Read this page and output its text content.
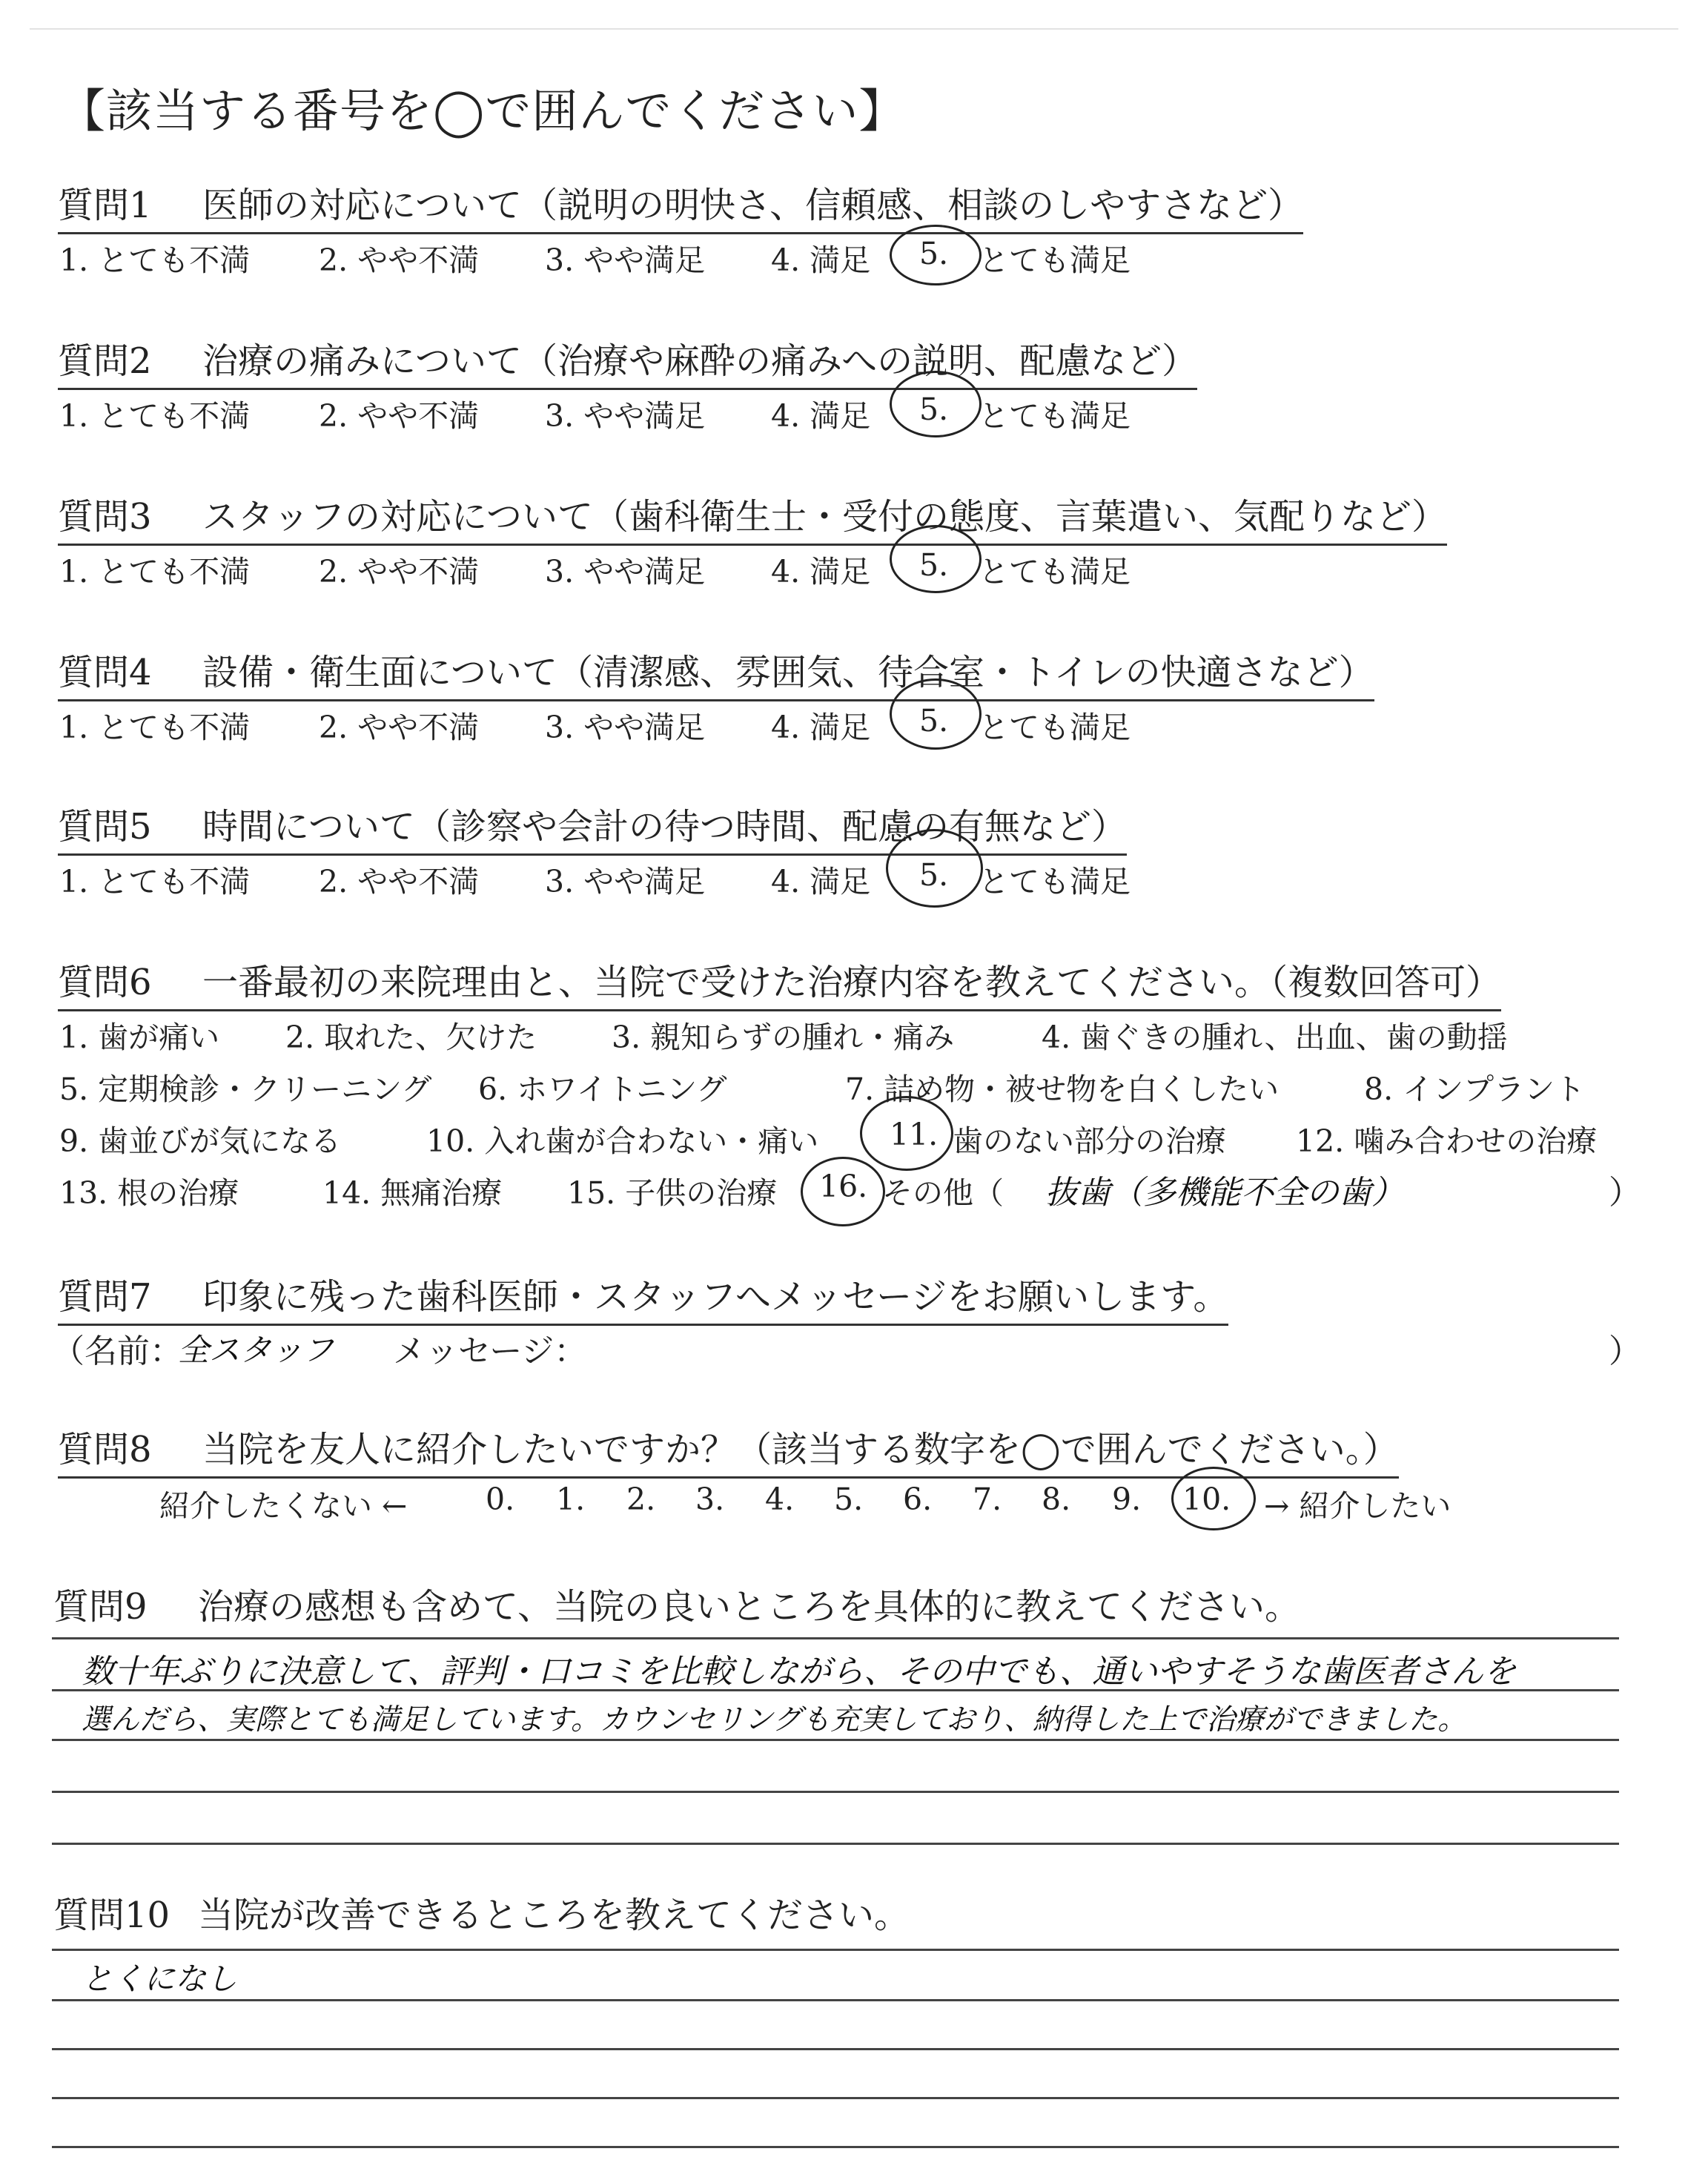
【該当する番号を◯で囲んでください】
質問1 医師の対応について（説明の明快さ、信頼感、相談のしやすさなど）
1. とても不満 2. やや不満 3. やや満足 4. 満足 5. とても満足
質問2 治療の痛みについて（治療や麻酔の痛みへの説明、配慮など）
1. とても不満 2. やや不満 3. やや満足 4. 満足 5. とても満足
質問3 スタッフの対応について（歯科衛生士・受付の態度、言葉遣い、気配りなど）
1. とても不満 2. やや不満 3. やや満足 4. 満足 5. とても満足
質問4 設備・衛生面について（清潔感、雰囲気、待合室・トイレの快適さなど）
1. とても不満 2. やや不満 3. やや満足 4. 満足 5. とても満足
質問5 時間について（診察や会計の待つ時間、配慮の有無など）
1. とても不満 2. やや不満 3. やや満足 4. 満足 5. とても満足
質問6 一番最初の来院理由と、当院で受けた治療内容を教えてください。（複数回答可）
1. 歯が痛い 2. 取れた、欠けた 3. 親知らずの腫れ・痛み	4. 歯ぐきの腫れ、出血、歯の動揺
5. 定期検診・クリーニング 6. ホワイトニング	7. 詰め物・被せ物を白くしたい	8. インプラント
9. 歯並びが気になる	10. 入れ歯が合わない・痛い 11. 歯のない部分の治療 12. 噛み合わせの治療
13. 根の治療	14. 無痛治療 15. 子供の治療 16. その他（ 抜歯（多機能不全の歯）	）
質問7 印象に残った歯科医師・スタッフへメッセージをお願いします。
（名前：
全スタッフ メッセージ：	）
質問8 当院を友人に紹介したいですか？（該当する数字を◯で囲んでください。）
紹介したくない ←	0. 1. 2. 3. 4. 5. 6. 7. 8. 9. 10. → 紹介したい
質問9 治療の感想も含めて、当院の良いところを具体的に教えてください。
数十年ぶりに決意して、評判・口コミを比較しながら、その中でも、通いやすそうな歯医者さんを
選んだら、実際とても満足しています。カウンセリングも充実しており、納得した上で治療ができました。
質問10 当院が改善できるところを教えてください。
とくになし
